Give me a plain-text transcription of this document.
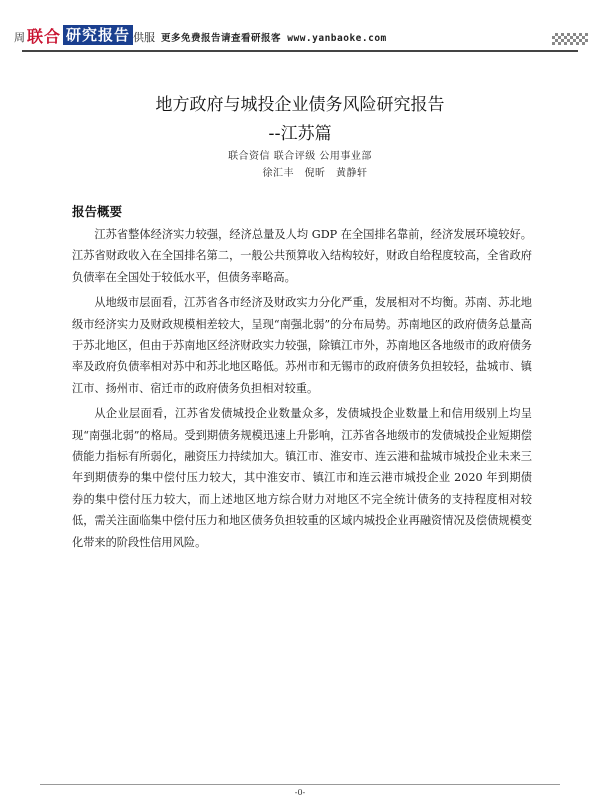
周 联合 研究报告 供服 更多免费报告请查看研报客 www.yanbaoke.com
地方政府与城投企业债务风险研究报告
--江苏篇
联合资信 联合评级 公用事业部
徐汇丰　倪昕　黄静轩
报告概要

江苏省整体经济实力较强，经济总量及人均 GDP 在全国排名靠前，经济发展环境较好。江苏省财政收入在全国排名第二，一般公共预算收入结构较好，财政自给程度较高，全省政府负债率在全国处于较低水平，但债务率略高。

从地级市层面看，江苏省各市经济及财政实力分化严重，发展相对不均衡。苏南、苏北地级市经济实力及财政规模相差较大，呈现“南强北弱”的分布局势。苏南地区的政府债务总量高于苏北地区，但由于苏南地区经济财政实力较强，除镇江市外，苏南地区各地级市的政府债务率及政府负债率相对苏中和苏北地区略低。苏州市和无锡市的政府债务负担较轻，盐城市、镇江市、扬州市、宿迁市的政府债务负担相对较重。

从企业层面看，江苏省发债城投企业数量众多，发债城投企业数量上和信用级别上均呈现“南强北弱”的格局。受到期债务规模迅速上升影响，江苏省各地级市的发债城投企业短期偿债能力指标有所弱化，融资压力持续加大。镇江市、淮安市、连云港和盐城市城投企业未来三年到期债券的集中偿付压力较大，其中淮安市、镇江市和连云港市城投企业 2020 年到期债券的集中偿付压力较大，而上述地区地方综合财力对地区不完全统计债务的支持程度相对较低，需关注面临集中偿付压力和地区债务负担较重的区域内城投企业再融资情况及偿债规模变化带来的阶段性信用风险。

-0-
